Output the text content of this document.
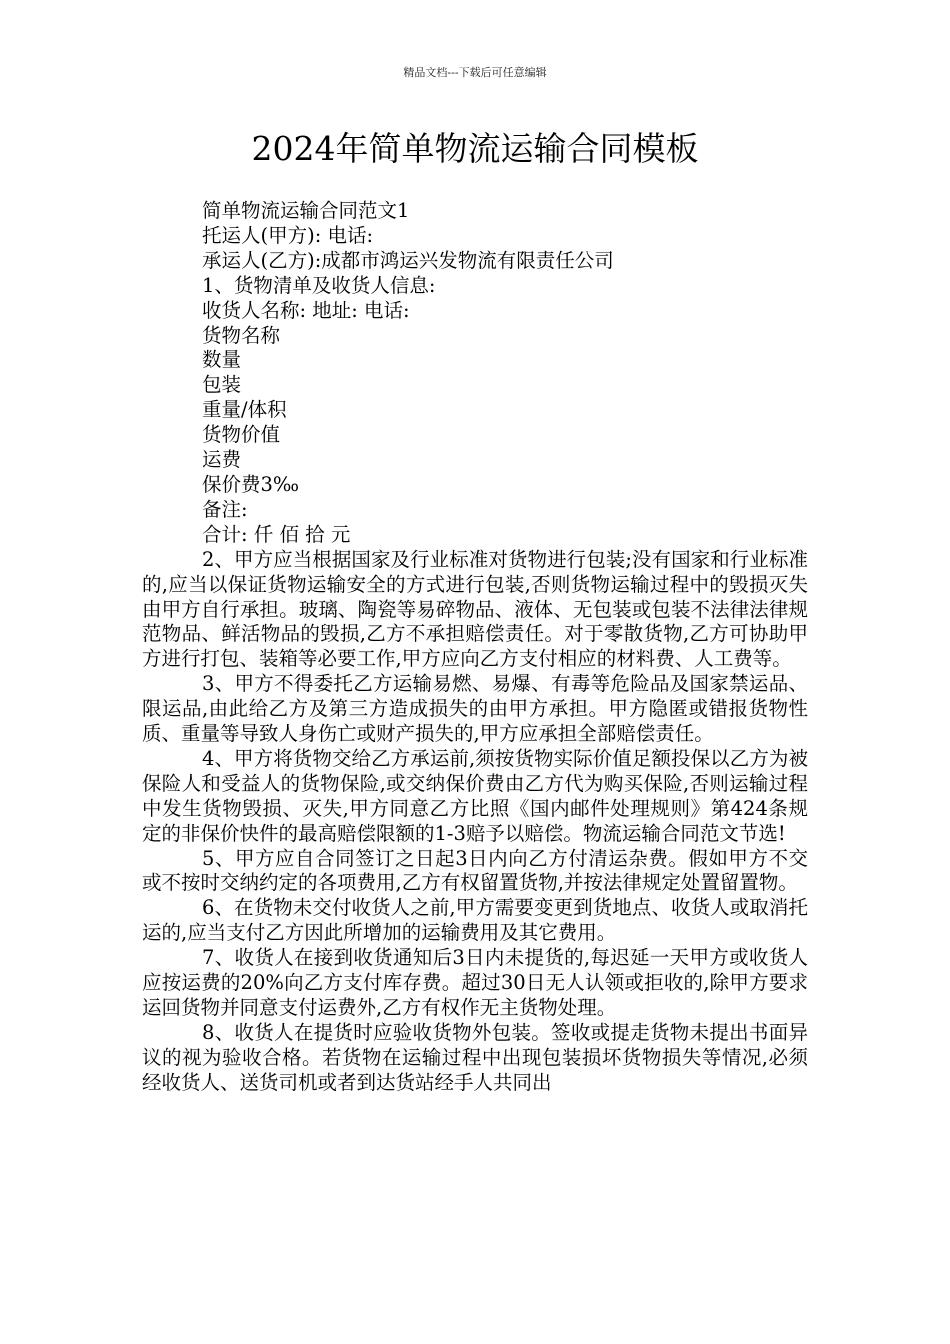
精品文档---下载后可任意编辑
2024年简单物流运输合同模板
简单物流运输合同范文1
托运人(甲方): 电话:
承运人(乙方):成都市鸿运兴发物流有限责任公司
1、货物清单及收货人信息:
收货人名称: 地址: 电话:
货物名称
数量
包装
重量/体积
货物价值
运费
保价费3‰
备注:
合计: 仟 佰 拾 元

2、甲方应当根据国家及行业标准对货物进行包装;没有国家和行业标准的,应当以保证货物运输安全的方式进行包装,否则货物运输过程中的毁损灭失由甲方自行承担。玻璃、陶瓷等易碎物品、液体、无包装或包装不法律法律规范物品、鲜活物品的毁损,乙方不承担赔偿责任。对于零散货物,乙方可协助甲方进行打包、装箱等必要工作,甲方应向乙方支付相应的材料费、人工费等。

3、甲方不得委托乙方运输易燃、易爆、有毒等危险品及国家禁运品、限运品,由此给乙方及第三方造成损失的由甲方承担。甲方隐匿或错报货物性质、重量等导致人身伤亡或财产损失的,甲方应承担全部赔偿责任。

4、甲方将货物交给乙方承运前,须按货物实际价值足额投保以乙方为被保险人和受益人的货物保险,或交纳保价费由乙方代为购买保险,否则运输过程中发生货物毁损、灭失,甲方同意乙方比照《国内邮件处理规则》第424条规定的非保价快件的最高赔偿限额的1-3赔予以赔偿。物流运输合同范文节选!

5、甲方应自合同签订之日起3日内向乙方付清运杂费。假如甲方不交或不按时交纳约定的各项费用,乙方有权留置货物,并按法律规定处置留置物。

6、在货物未交付收货人之前,甲方需要变更到货地点、收货人或取消托运的,应当支付乙方因此所增加的运输费用及其它费用。

7、收货人在接到收货通知后3日内未提货的,每迟延一天甲方或收货人应按运费的20%向乙方支付库存费。超过30日无人认领或拒收的,除甲方要求运回货物并同意支付运费外,乙方有权作无主货物处理。

8、收货人在提货时应验收货物外包装。签收或提走货物未提出书面异议的视为验收合格。若货物在运输过程中出现包装损坏货物损失等情况,必须经收货人、送货司机或者到达货站经手人共同出
